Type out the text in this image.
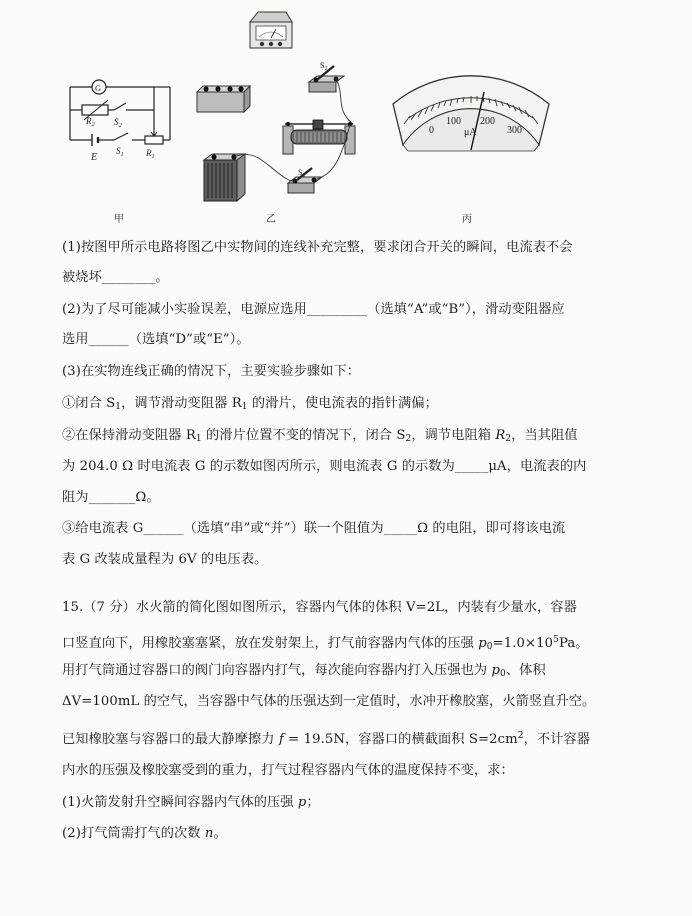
G
$R_2$ $S_2$
E
$S_1$ $R_1$
$S_2$
$S_1$
0
100 200
300
μA
甲	乙	丙
(1)按图甲所示电路将图乙中实物间的连线补充完整，要求闭合开关的瞬间，电流表不会
被烧坏________。
(2)为了尽可能减小实验误差，电源应选用_________（选填“A”或“B”），滑动变阻器应
选用______（选填“D”或“E”）。
(3)在实物连线正确的情况下，主要实验步骤如下：
①闭合 $S_1$，调节滑动变阻器 $R_1$ 的滑片，使电流表的指针满偏；
②在保持滑动变阻器 $R_1$ 的滑片位置不变的情况下，闭合 $S_2$，调节电阻箱 $R_2$，当其阻值
为 204.0 Ω 时电流表 G 的示数如图丙所示，则电流表 G 的示数为_____μA，电流表的内
阻为_______Ω。
③给电流表 G______（选填“串”或“并”）联一个阻值为_____Ω 的电阻，即可将该电流
表 G 改装成量程为 6V 的电压表。
15.（7 分）水火箭的简化图如图所示，容器内气体的体积 V=2L，内装有少量水，容器
口竖直向下，用橡胶塞塞紧，放在发射架上，打气前容器内气体的压强 $p_0=1.0\times 10^5Pa$。
用打气筒通过容器口的阀门向容器内打气，每次能向容器内打入压强也为 $p_0$、体积
ΔV=100mL 的空气，当容器中气体的压强达到一定值时，水冲开橡胶塞，火箭竖直升空。
已知橡胶塞与容器口的最大静摩擦力 f = 19.5N，容器口的横截面积 $S=2cm^2$，不计容器
内水的压强及橡胶塞受到的重力，打气过程容器内气体的温度保持不变，求：
(1)火箭发射升空瞬间容器内气体的压强 p；
(2)打气筒需打气的次数 n。
